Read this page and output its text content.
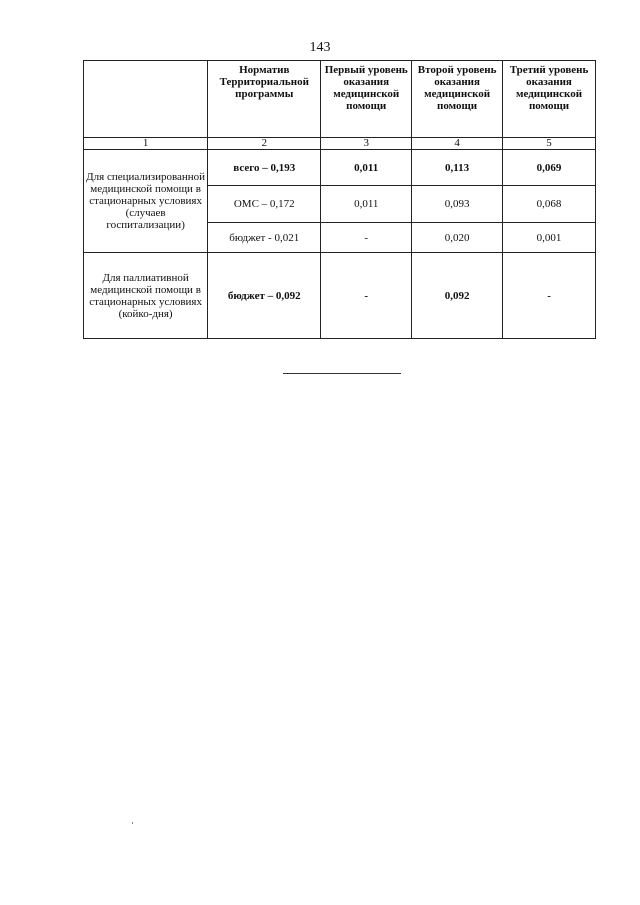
143
	Норматив Территориальной программы	Первый уровень оказания медицинской помощи	Второй уровень оказания медицинской помощи	Третий уровень оказания медицинской помощи
1	2	3	4	5
Для специализированной медицинской помощи в стационарных условиях (случаев госпитализации)	всего – 0,193	0,011	0,113	0,069
	ОМС – 0,172	0,011	0,093	0,068
	бюджет - 0,021	-	0,020	0,001
Для паллиативной медицинской помощи в стационарных условиях (койко-дня)	бюджет – 0,092	-	0,092	-
